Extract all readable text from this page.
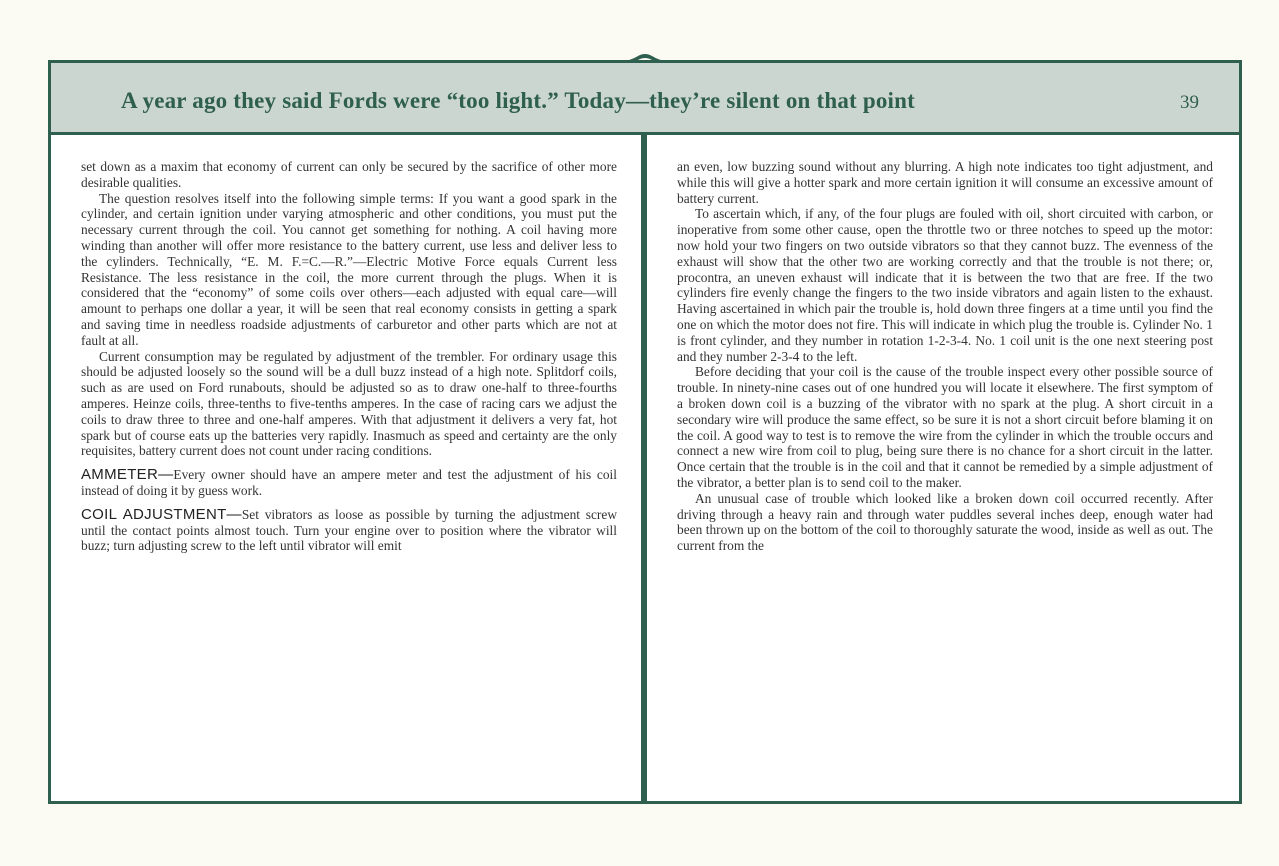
A year ago they said Fords were “too light.” Today—they’re silent on that point	39

set down as a maxim that economy of current can only be secured by the sacrifice of other more desirable qualities.

The question resolves itself into the following simple terms: If you want a good spark in the cylinder, and certain ignition under varying atmospheric and other conditions, you must put the necessary current through the coil. You cannot get something for nothing. A coil having more winding than another will offer more resistance to the battery current, use less and deliver less to the cylinders. Technically, “E. M. F.=C.—R.”—Electric Motive Force equals Current less Resistance. The less resistance in the coil, the more current through the plugs. When it is considered that the “economy” of some coils over others—each adjusted with equal care—will amount to perhaps one dollar a year, it will be seen that real economy consists in getting a spark and saving time in needless roadside adjustments of carburetor and other parts which are not at fault at all.

Current consumption may be regulated by adjustment of the trembler. For ordinary usage this should be adjusted loosely so the sound will be a dull buzz instead of a high note. Splitdorf coils, such as are used on Ford runabouts, should be adjusted so as to draw one-half to three-fourths amperes. Heinze coils, three-tenths to five-tenths amperes. In the case of racing cars we adjust the coils to draw three to three and one-half amperes. With that adjustment it delivers a very fat, hot spark but of course eats up the batteries very rapidly. Inasmuch as speed and certainty are the only requisites, battery current does not count under racing conditions.

AMMETER—Every owner should have an ampere meter and test the adjustment of his coil instead of doing it by guess work.

COIL ADJUSTMENT—Set vibrators as loose as possible by turning the adjustment screw until the contact points almost touch. Turn your engine over to position where the vibrator will buzz; turn adjusting screw to the left until vibrator will emit

an even, low buzzing sound without any blurring. A high note indicates too tight adjustment, and while this will give a hotter spark and more certain ignition it will consume an excessive amount of battery current.

To ascertain which, if any, of the four plugs are fouled with oil, short circuited with carbon, or inoperative from some other cause, open the throttle two or three notches to speed up the motor: now hold your two fingers on two outside vibrators so that they cannot buzz. The evenness of the exhaust will show that the other two are working correctly and that the trouble is not there; or, procontra, an uneven exhaust will indicate that it is between the two that are free. If the two cylinders fire evenly change the fingers to the two inside vibrators and again listen to the exhaust. Having ascertained in which pair the trouble is, hold down three fingers at a time until you find the one on which the motor does not fire. This will indicate in which plug the trouble is. Cylinder No. 1 is front cylinder, and they number in rotation 1-2-3-4. No. 1 coil unit is the one next steering post and they number 2-3-4 to the left.

Before deciding that your coil is the cause of the trouble inspect every other possible source of trouble. In ninety-nine cases out of one hundred you will locate it elsewhere. The first symptom of a broken down coil is a buzzing of the vibrator with no spark at the plug. A short circuit in a secondary wire will produce the same effect, so be sure it is not a short circuit before blaming it on the coil. A good way to test is to remove the wire from the cylinder in which the trouble occurs and connect a new wire from coil to plug, being sure there is no chance for a short circuit in the latter. Once certain that the trouble is in the coil and that it cannot be remedied by a simple adjustment of the vibrator, a better plan is to send coil to the maker.

An unusual case of trouble which looked like a broken down coil occurred recently. After driving through a heavy rain and through water puddles several inches deep, enough water had been thrown up on the bottom of the coil to thoroughly saturate the wood, inside as well as out. The current from the
